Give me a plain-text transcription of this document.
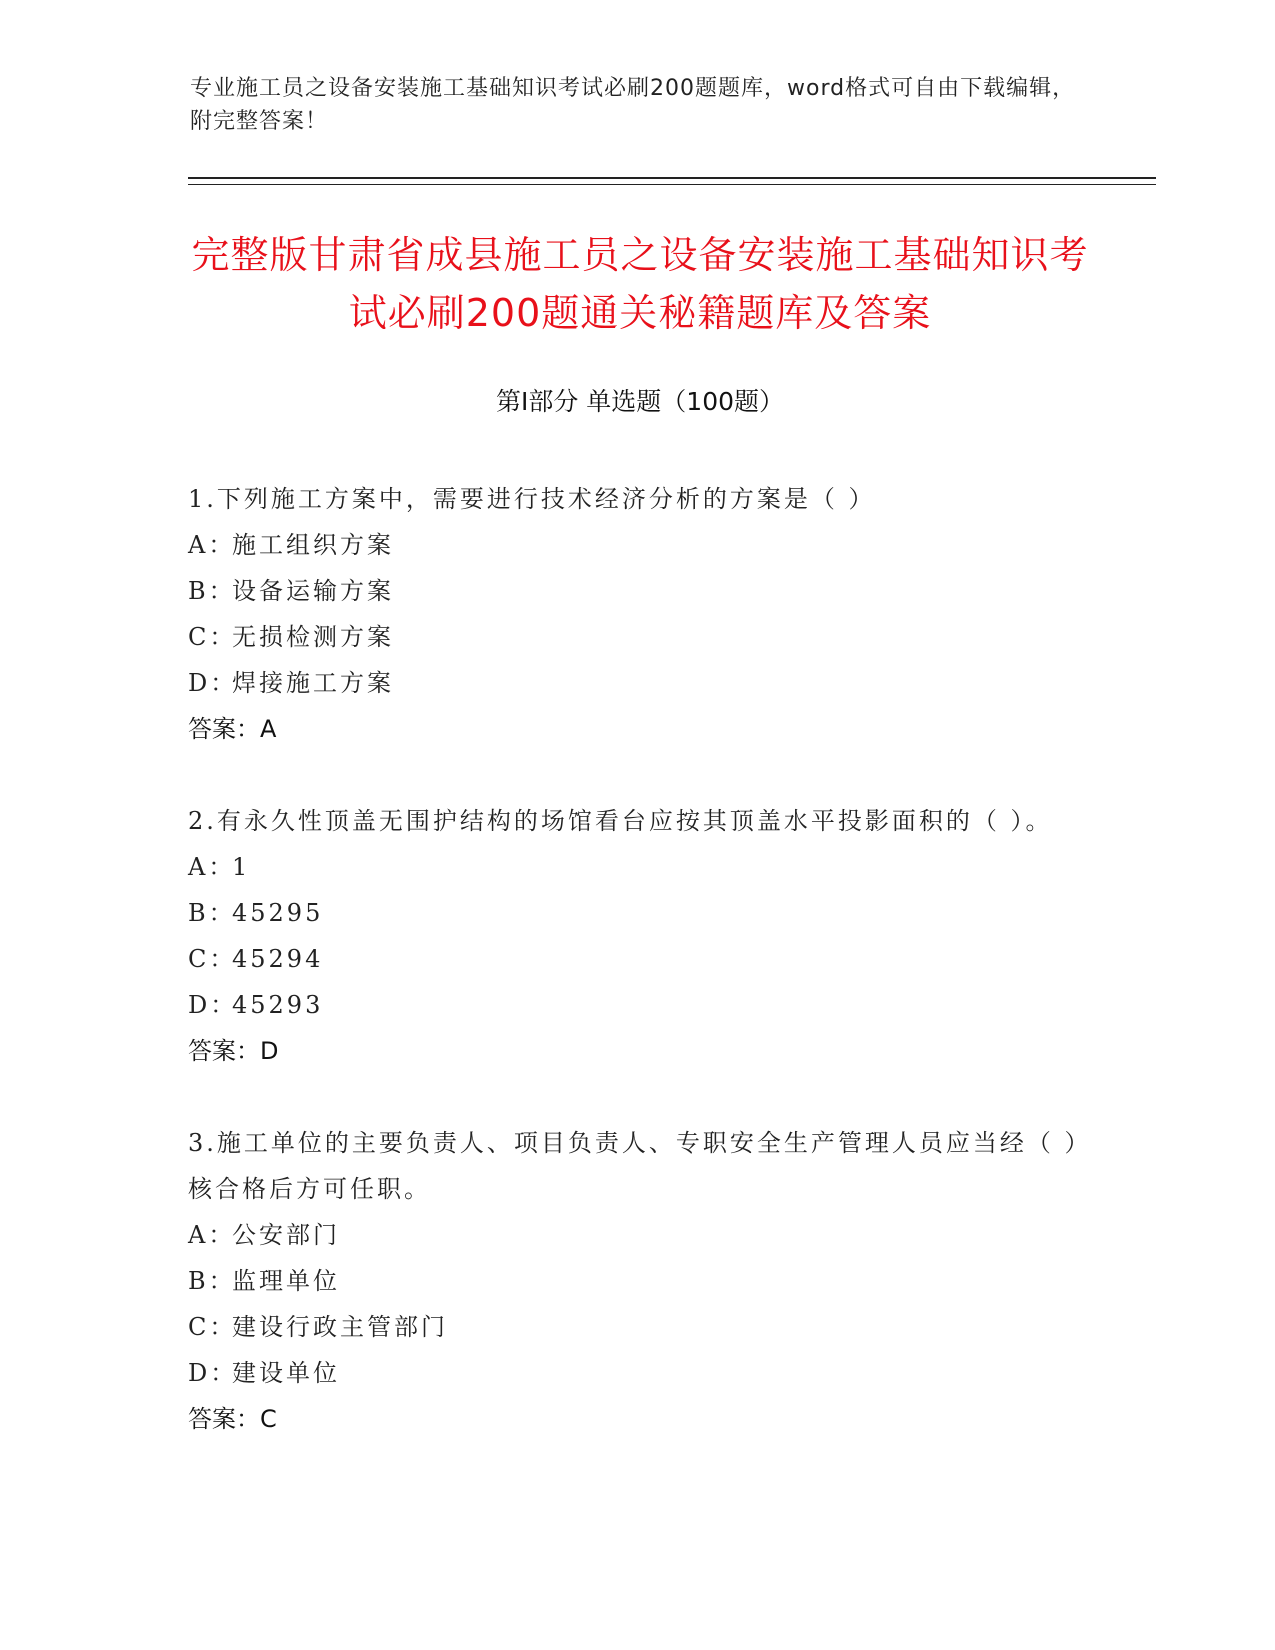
专业施工员之设备安装施工基础知识考试必刷200题题库，word格式可自由下载编辑，附完整答案！
完整版甘肃省成县施工员之设备安装施工基础知识考试必刷200题通关秘籍题库及答案
第Ⅰ部分 单选题（100题）
1.下列施工方案中，需要进行技术经济分析的方案是（ ）
A：
施工组织方案
B：
设备运输方案
C：
无损检测方案
D：
焊接施工方案
答案：A
2.有永久性顶盖无围护结构的场馆看台应按其顶盖水平投影面积的（ ）。
A：
1
B：
45295
C：
45294
D：
45293
答案：D
3.施工单位的主要负责人、项目负责人、专职安全生产管理人员应当经（ ）核合格后方可任职。
A：
公安部门
B：
监理单位
C：
建设行政主管部门
D：
建设单位
答案：C
